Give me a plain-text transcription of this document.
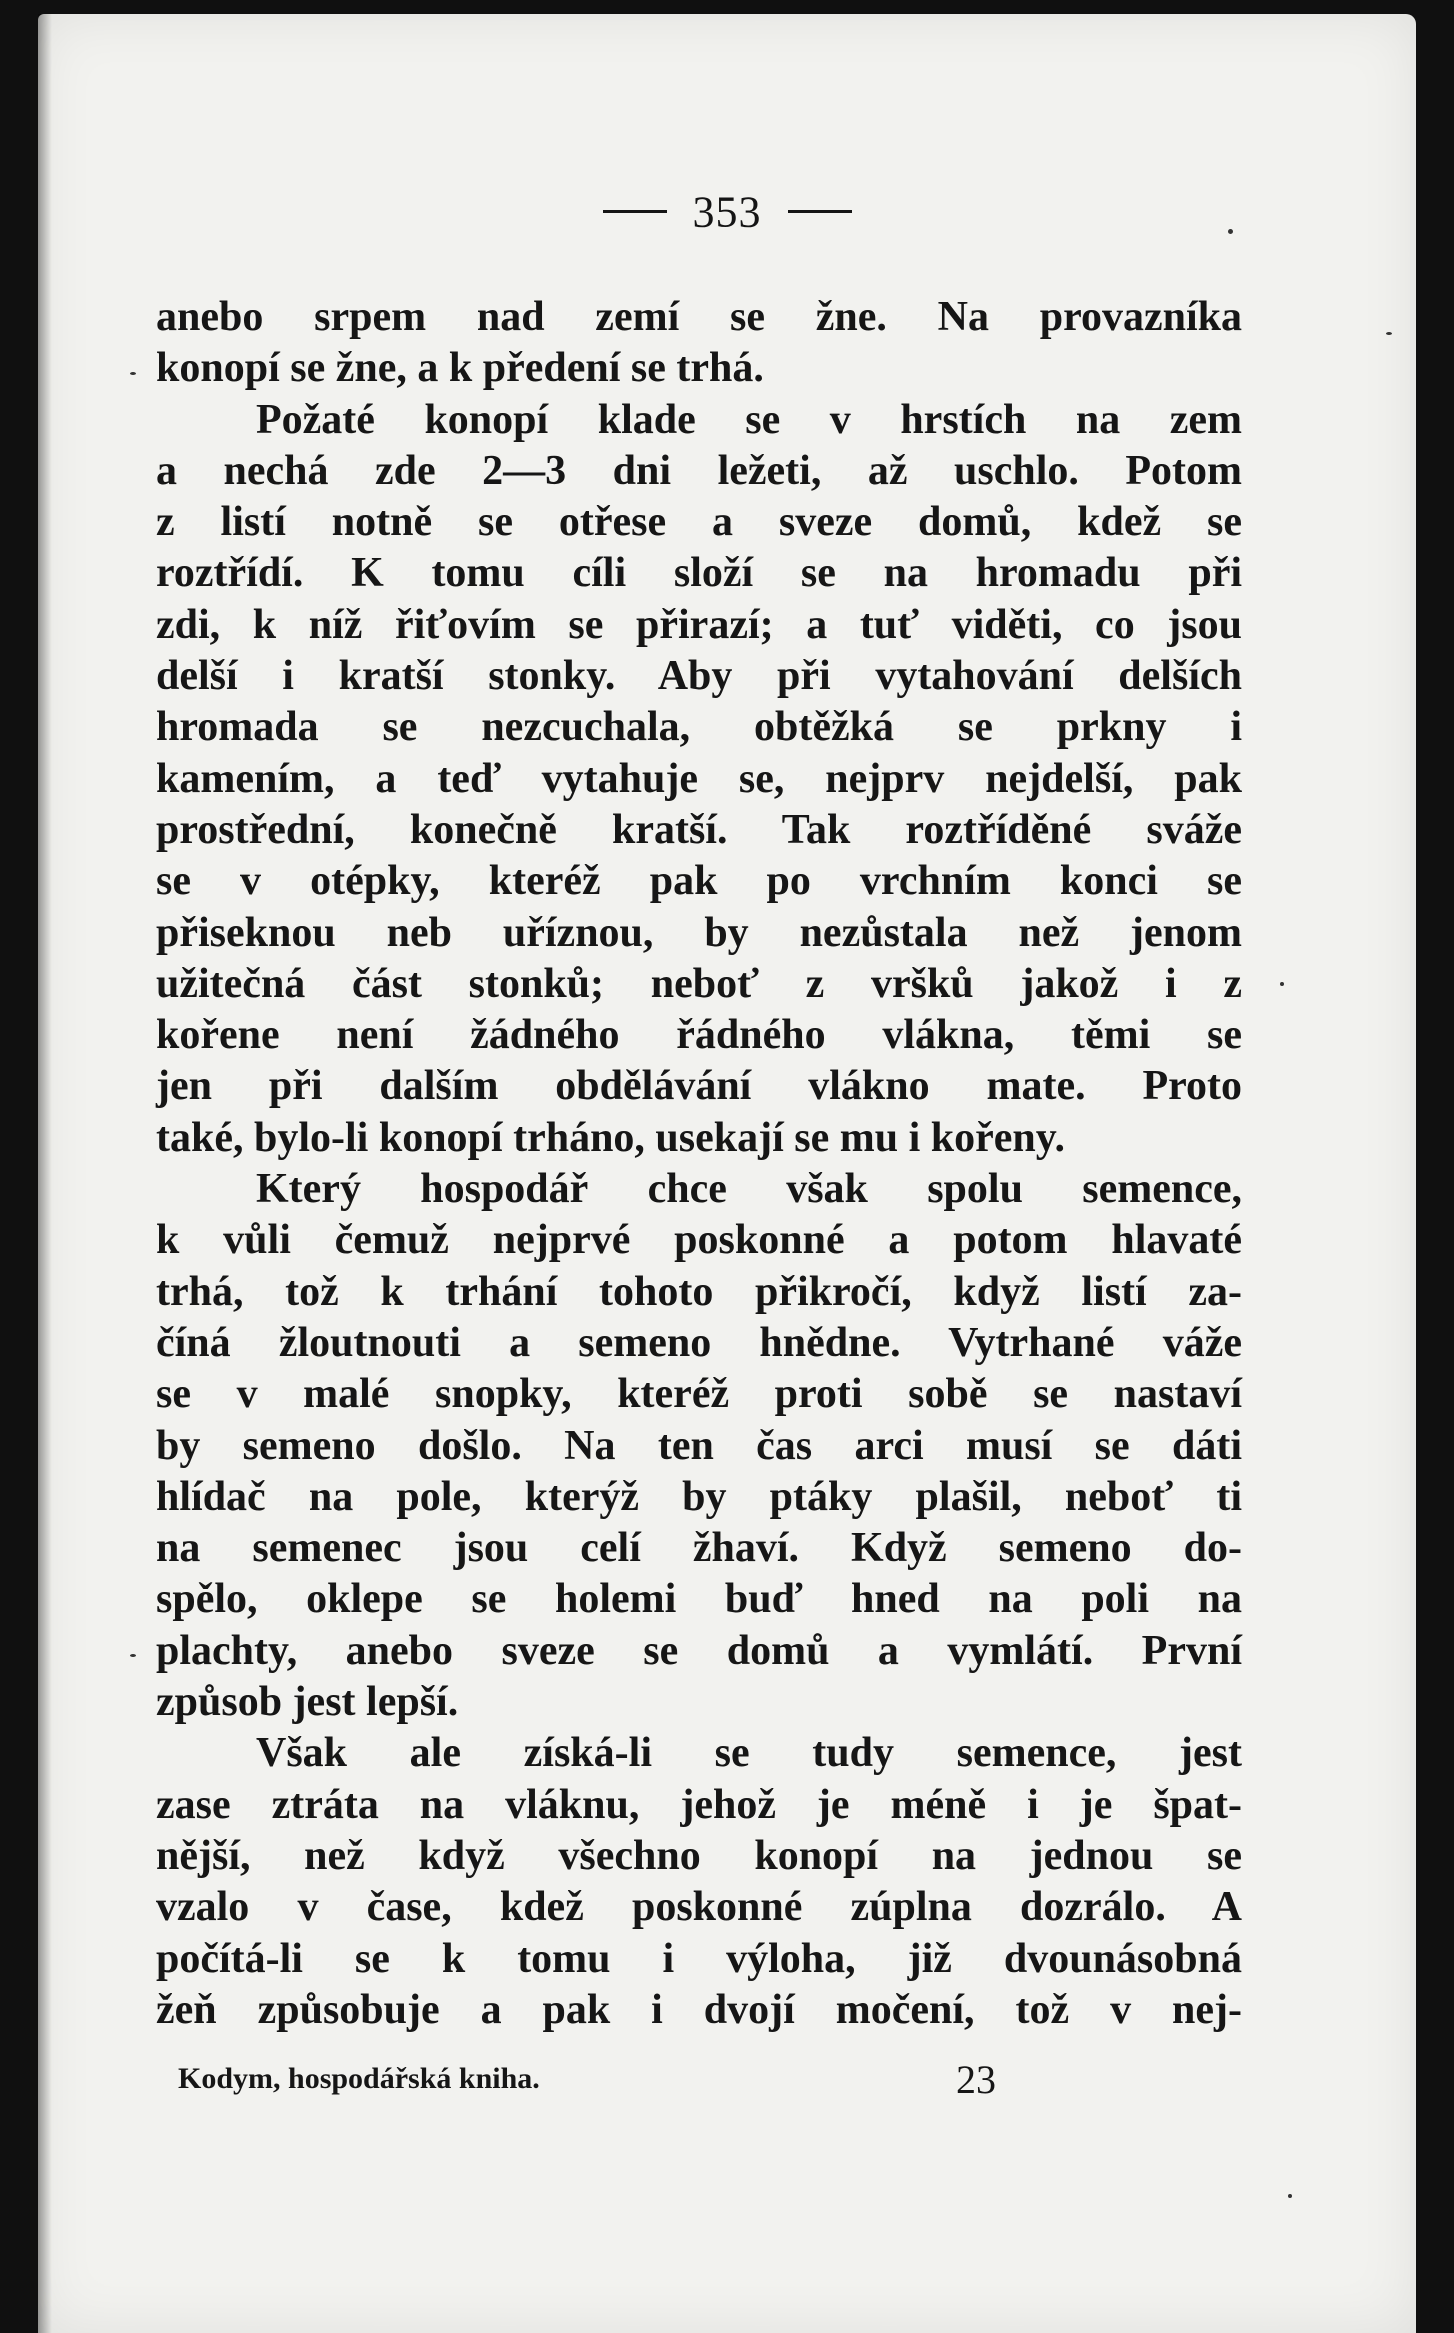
353
anebo srpem nad zemí se žne. Na provazníka
konopí se žne, a k předení se trhá.
Požaté konopí klade se v hrstích na zem
a nechá zde 2—3 dni ležeti, až uschlo. Potom
z listí notně se otřese a sveze domů, kdež se
roztřídí. K tomu cíli složí se na hromadu při
zdi, k níž řiťovím se přirazí; a tuť viděti, co jsou
delší i kratší stonky. Aby při vytahování delších
hromada se nezcuchala, obtěžká se prkny i
kamením, a teď vytahuje se, nejprv nejdelší, pak
prostřední, konečně kratší. Tak roztříděné sváže
se v otépky, kteréž pak po vrchním konci se
přiseknou neb uříznou, by nezůstala než jenom
užitečná část stonků; neboť z vršků jakož i z
kořene není žádného řádného vlákna, těmi se
jen při dalším obdělávání vlákno mate. Proto
také, bylo-li konopí trháno, usekají se mu i kořeny.
Který hospodář chce však spolu semence,
k vůli čemuž nejprvé poskonné a potom hlavaté
trhá, tož k trhání tohoto přikročí, když listí za-
číná žloutnouti a semeno hnědne. Vytrhané váže
se v malé snopky, kteréž proti sobě se nastaví
by semeno došlo. Na ten čas arci musí se dáti
hlídač na pole, kterýž by ptáky plašil, neboť ti
na semenec jsou celí žhaví. Když semeno do-
spělo, oklepe se holemi buď hned na poli na
plachty, anebo sveze se domů a vymlátí. První
způsob jest lepší.
Však ale získá-li se tudy semence, jest
zase ztráta na vláknu, jehož je méně i je špat-
nější, než když všechno konopí na jednou se
vzalo v čase, kdež poskonné zúplna dozrálo. A
počítá-li se k tomu i výloha, již dvounásobná
žeň způsobuje a pak i dvojí močení, tož v nej-
Kodym, hospodářská kniha.	23
